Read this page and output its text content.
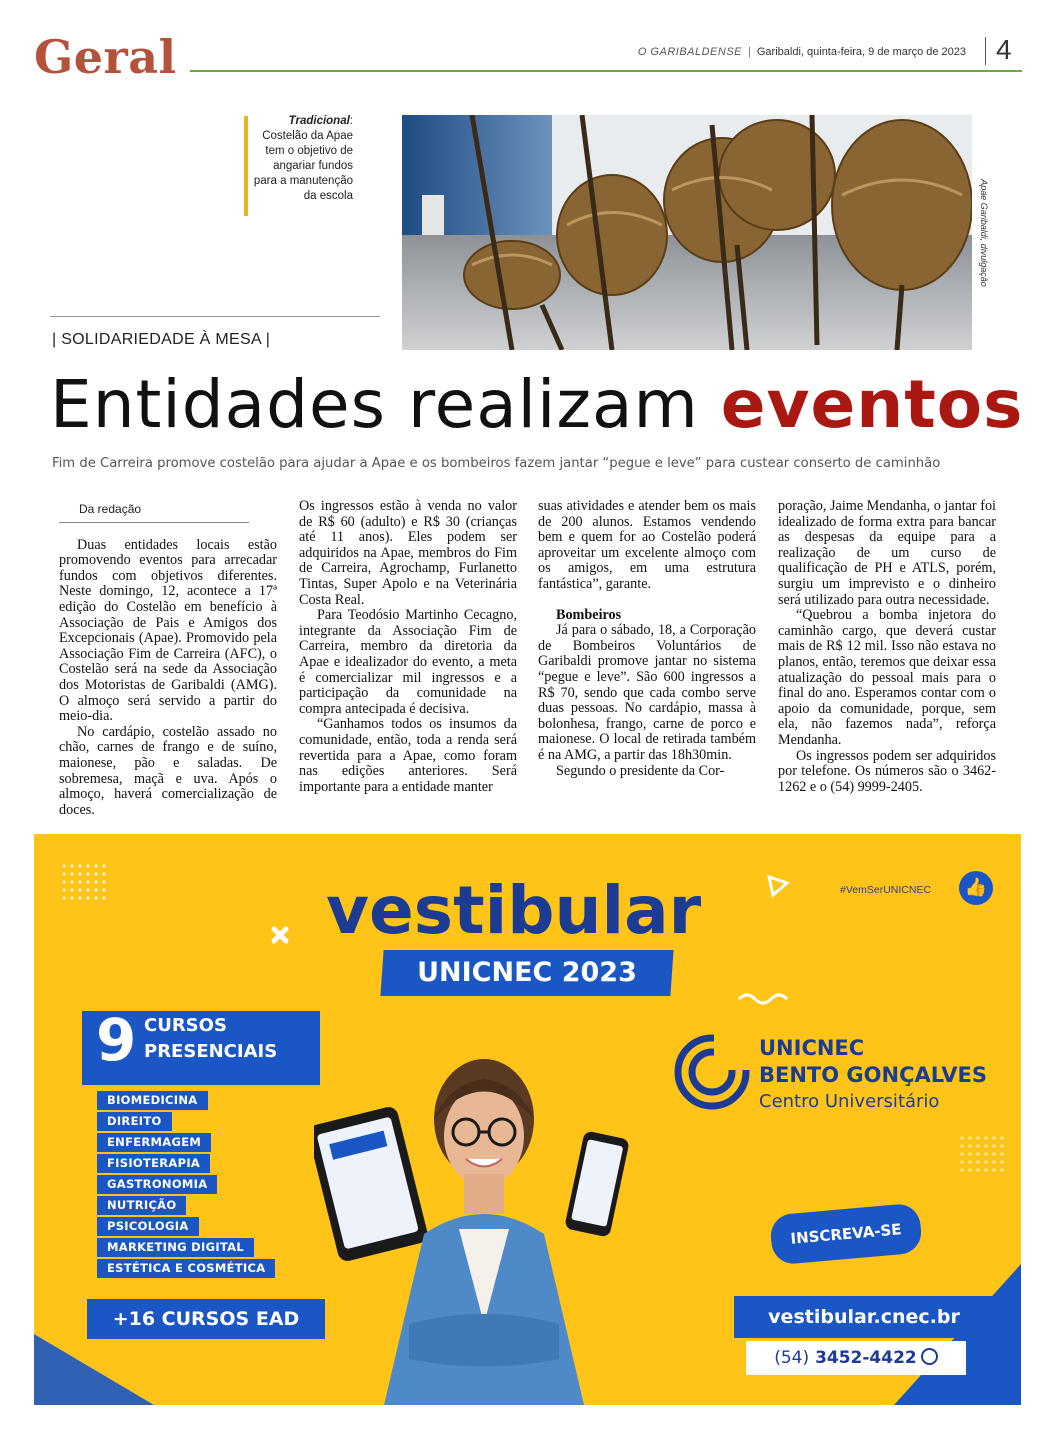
Geral	O GARIBALDENSE | Garibaldi, quinta-feira, 9 de março de 2023 4
Tradicional: Costelão da Apae tem o objetivo de angariar fundos para a manutenção da escola	Apae Garibaldi, divulgação
| SOLIDARIEDADE À MESA |
Entidades realizam eventos
Fim de Carreira promove costelão para ajudar a Apae e os bombeiros fazem jantar “pegue e leve” para custear conserto de caminhão
Da redação

Duas entidades locais estão promovendo eventos para arrecadar fundos com objetivos diferentes. Neste domingo, 12, acontece a 17ª edição do Costelão em benefício à Associação de Pais e Amigos dos Excepcionais (Apae). Promovido pela Associação Fim de Carreira (AFC), o Costelão será na sede da Associação dos Motoristas de Garibaldi (AMG). O almoço será servido a partir do meio-dia.

No cardápio, costelão assado no chão, carnes de frango e de suíno, maionese, pão e saladas. De sobremesa, maçã e uva. Após o almoço, haverá comercialização de doces.

Os ingressos estão à venda no valor de R$ 60 (adulto) e R$ 30 (crianças até 11 anos). Eles podem ser adquiridos na Apae, membros do Fim de Carreira, Agrochamp, Furlanetto Tintas, Super Apolo e na Veterinária Costa Real.

Para Teodósio Martinho Cecagno, integrante da Associação Fim de Carreira, membro da diretoria da Apae e idealizador do evento, a meta é comercializar mil ingressos e a participação da comunidade na compra antecipada é decisiva.

“Ganhamos todos os insumos da comunidade, então, toda a renda será revertida para a Apae, como foram nas edições anteriores. Será importante para a entidade manter

suas atividades e atender bem os mais de 200 alunos. Estamos vendendo bem e quem for ao Costelão poderá aproveitar um excelente almoço com os amigos, em uma estrutura fantástica”, garante.

Bombeiros

Já para o sábado, 18, a Corporação de Bombeiros Voluntários de Garibaldi promove jantar no sistema “pegue e leve”. São 600 ingressos a R$ 70, sendo que cada combo serve duas pessoas. No cardápio, massa à bolonhesa, frango, carne de porco e maionese. O local de retirada também é na AMG, a partir das 18h30min.

Segundo o presidente da Cor-

poração, Jaime Mendanha, o jantar foi idealizado de forma extra para bancar as despesas da equipe para a realização de um curso de qualificação de PH e ATLS, porém, surgiu um imprevisto e o dinheiro será utilizado para outra necessidade.

“Quebrou a bomba injetora do caminhão cargo, que deverá custar mais de R$ 12 mil. Isso não estava no planos, então, teremos que deixar essa atualização do pessoal mais para o final do ano. Esperamos contar com o apoio da comunidade, porque, sem ela, não fazemos nada”, reforça Mendanha.

Os ingressos podem ser adquiridos por telefone. Os números são o 3462-1262 e o (54) 9999-2405.

vestibular
UNICNEC 2023
#VemSerUNICNEC	👍
9 CURSOS
PRESENCIAIS
BIOMEDICINA
DIREITO
ENFERMAGEM
FISIOTERAPIA
GASTRONOMIA
NUTRIÇÃO
PSICOLOGIA
MARKETING DIGITAL
ESTÉTICA E COSMÉTICA
+16 CURSOS EAD
UNICNEC
BENTO GONÇALVES
Centro Universitário
INSCREVA-SE
vestibular.cnec.br
(54) 3452-4422
